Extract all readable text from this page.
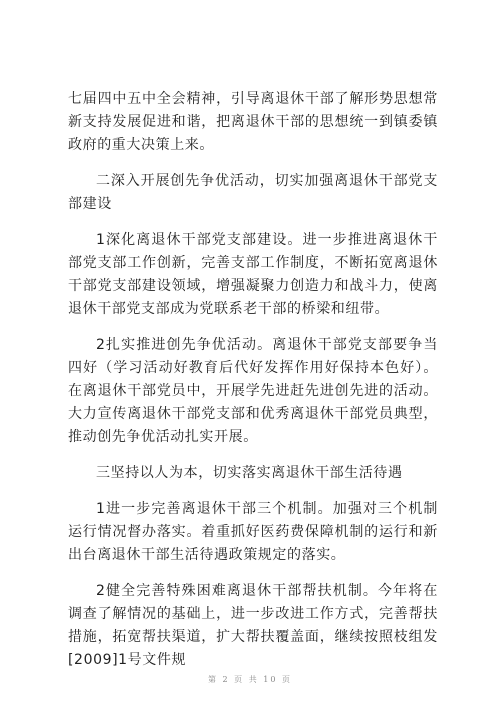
七届四中五中全会精神，引导离退休干部了解形势思想常新支持发展促进和谐，把离退休干部的思想统一到镇委镇政府的重大决策上来。

二深入开展创先争优活动，切实加强离退休干部党支部建设

1深化离退休干部党支部建设。进一步推进离退休干部党支部工作创新，完善支部工作制度，不断拓宽离退休干部党支部建设领域，增强凝聚力创造力和战斗力，使离退休干部党支部成为党联系老干部的桥梁和纽带。

2扎实推进创先争优活动。离退休干部党支部要争当四好（学习活动好教育后代好发挥作用好保持本色好）。在离退休干部党员中，开展学先进赶先进创先进的活动。大力宣传离退休干部党支部和优秀离退休干部党员典型，推动创先争优活动扎实开展。

三坚持以人为本，切实落实离退休干部生活待遇

1进一步完善离退休干部三个机制。加强对三个机制运行情况督办落实。着重抓好医药费保障机制的运行和新出台离退休干部生活待遇政策规定的落实。

2健全完善特殊困难离退休干部帮扶机制。今年将在调查了解情况的基础上，进一步改进工作方式，完善帮扶措施，拓宽帮扶渠道，扩大帮扶覆盖面，继续按照枝组发[2009]1号文件规

第 2 页 共 10 页
